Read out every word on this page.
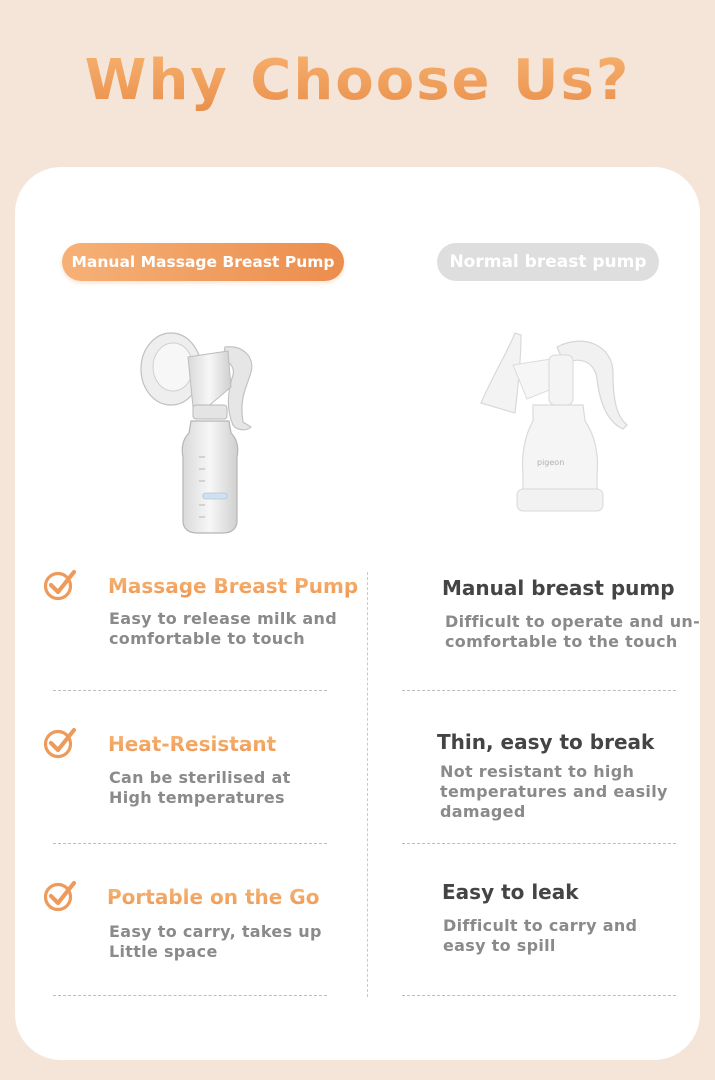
Why Choose Us?
Manual Massage Breast Pump	Normal breast pump
pigeon
Massage Breast Pump
Easy to release milk and
comfortable to touch
Manual breast pump
Difficult to operate and un-
comfortable to the touch
Heat-Resistant
Can be sterilised at
High temperatures
Thin, easy to break
Not resistant to high
temperatures and easily
damaged
Portable on the Go
Easy to carry, takes up
Little space
Easy to leak
Difficult to carry and
easy to spill
